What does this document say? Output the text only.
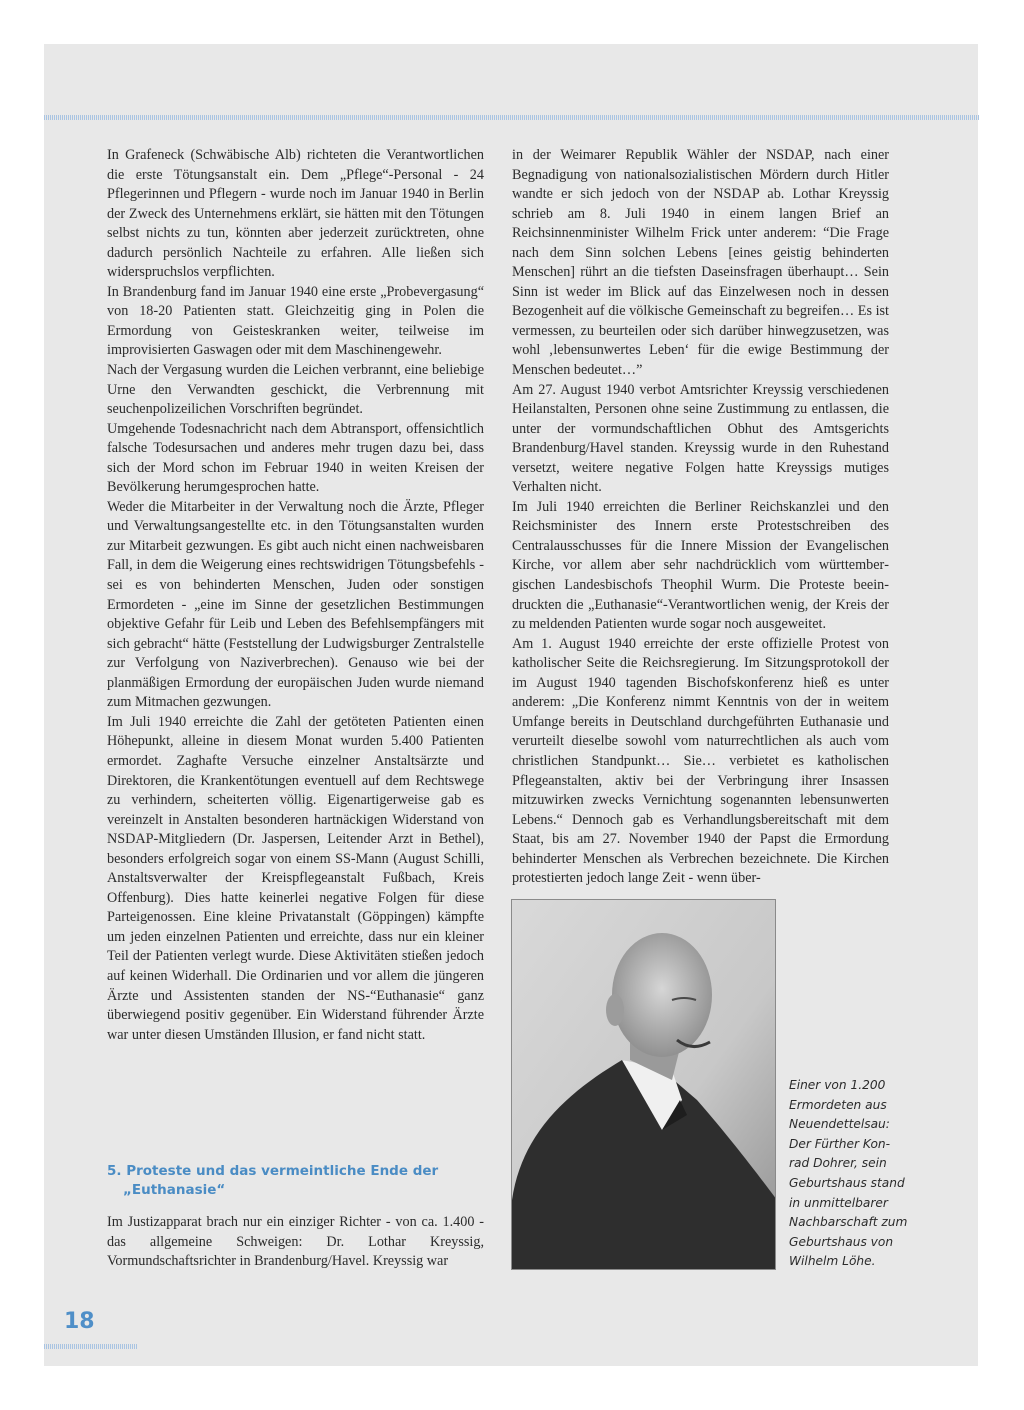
In Grafeneck (Schwäbische Alb) richteten die Verantwortlichen die erste Tötungsanstalt ein. Dem „Pflege“-Personal - 24 Pflegerinnen und Pflegern - wurde noch im Januar 1940 in Berlin der Zweck des Unternehmens erklärt, sie hätten mit den Tötungen selbst nichts zu tun, könnten aber jederzeit zurücktreten, ohne dadurch persönlich Nachteile zu erfahren. Alle ließen sich widerspruchslos verpflichten.

In Brandenburg fand im Januar 1940 eine erste „Probevergasung“ von 18-20 Patienten statt. Gleichzeitig ging in Polen die Ermordung von Geisteskranken weiter, teilweise im improvisierten Gaswagen oder mit dem Maschinengewehr.

Nach der Vergasung wurden die Leichen verbrannt, eine beliebige Urne den Verwandten geschickt, die Verbrennung mit seuchenpolizeilichen Vorschriften begründet.

Umgehende Todesnachricht nach dem Abtransport, offensichtlich falsche Todesursachen und anderes mehr trugen dazu bei, dass sich der Mord schon im Februar 1940 in weiten Kreisen der Bevölkerung herumgesprochen hatte.

Weder die Mitarbeiter in der Verwaltung noch die Ärzte, Pfleger und Verwaltungsangestellte etc. in den Tötungsanstalten wurden zur Mitarbeit gezwungen. Es gibt auch nicht einen nachweisbaren Fall, in dem die Weigerung eines rechtswidrigen Tötungsbefehls - sei es von behinderten Menschen, Juden oder sonstigen Ermordeten - „eine im Sinne der gesetzlichen Bestimmungen objektive Gefahr für Leib und Leben des Befehlsempfängers mit sich gebracht“ hätte (Feststellung der Ludwigsburger Zentralstelle zur Verfolgung von Naziverbrechen). Genauso wie bei der planmäßigen Ermordung der europäischen Juden wurde niemand zum Mitmachen gezwungen.

Im Juli 1940 erreichte die Zahl der getöteten Patienten einen Höhepunkt, alleine in diesem Monat wurden 5.400 Patienten ermordet. Zaghafte Versuche einzelner Anstaltsärzte und Direktoren, die Krankentötungen eventuell auf dem Rechtswege zu verhindern, scheiterten völlig. Eigenartigerweise gab es vereinzelt in Anstalten besonderen hartnäckigen Widerstand von NSDAP-Mitgliedern (Dr. Jaspersen, Leitender Arzt in Bethel), besonders erfolgreich sogar von einem SS-Mann (August Schilli, Anstaltsverwalter der Kreispflegeanstalt Fußbach, Kreis Offenburg). Dies hatte keinerlei negative Folgen für diese Parteigenossen. Eine kleine Privatanstalt (Göppingen) kämpfte um jeden einzelnen Patienten und erreichte, dass nur ein kleiner Teil der Patienten verlegt wurde. Diese Aktivitäten stießen jedoch auf keinen Widerhall. Die Ordinarien und vor allem die jüngeren Ärzte und Assistenten standen der NS-“Euthanasie“ ganz überwiegend positiv gegenüber. Ein Widerstand führender Ärzte war unter diesen Umständen Illusion, er fand nicht statt.

5. Proteste und das vermeintliche Ende der
„Euthanasie“

Im Justizapparat brach nur ein einziger Richter - von ca. 1.400 - das allgemeine Schweigen: Dr. Lothar Kreyssig, Vormundschaftsrichter in Brandenburg/Havel. Kreyssig war

in der Weimarer Republik Wähler der NSDAP, nach einer Begnadigung von nationalsozialistischen Mördern durch Hitler wandte er sich jedoch von der NSDAP ab. Lothar Kreyssig schrieb am 8. Juli 1940 in einem langen Brief an Reichsinnenminister Wilhelm Frick unter anderem: “Die Frage nach dem Sinn solchen Lebens [eines geistig behinderten Menschen] rührt an die tiefsten Daseinsfragen überhaupt… Sein Sinn ist weder im Blick auf das Einzelwesen noch in dessen Bezogenheit auf die völkische Gemeinschaft zu begreifen… Es ist vermessen, zu beurteilen oder sich darüber hinwegzusetzen, was wohl ‚lebensunwertes Leben‘ für die ewige Bestimmung der Menschen bedeutet…”

Am 27. August 1940 verbot Amtsrichter Kreyssig verschiedenen Heilanstalten, Personen ohne seine Zustimmung zu entlassen, die unter der vormundschaftlichen Obhut des Amtsgerichts Brandenburg/Havel standen. Kreyssig wurde in den Ruhestand versetzt, weitere negative Folgen hatte Kreyssigs mutiges Verhalten nicht.

Im Juli 1940 erreichten die Berliner Reichskanzlei und den Reichsminister des Innern erste Protestschreiben des Centralausschusses für die Innere Mission der Evangelischen Kirche, vor allem aber sehr nachdrücklich vom württembergischen Landesbischofs Theophil Wurm. Die Proteste beeindruckten die „Euthanasie“-Verantwortlichen wenig, der Kreis der zu meldenden Patienten wurde sogar noch ausgeweitet.

Am 1. August 1940 erreichte der erste offizielle Protest von katholischer Seite die Reichsregierung. Im Sitzungsprotokoll der im August 1940 tagenden Bischofskonferenz hieß es unter anderem: „Die Konferenz nimmt Kenntnis von der in weitem Umfange bereits in Deutschland durchgeführten Euthanasie und verurteilt dieselbe sowohl vom naturrechtlichen als auch vom christlichen Standpunkt… Sie… verbietet es katholischen Pflegeanstalten, aktiv bei der Verbringung ihrer Insassen mitzuwirken zwecks Vernichtung sogenannten lebensunwerten Lebens.“ Dennoch gab es Verhandlungsbereitschaft mit dem Staat, bis am 27. November 1940 der Papst die Ermordung behinderter Menschen als Verbrechen bezeichnete. Die Kirchen protestierten jedoch lange Zeit - wenn über-

Einer von 1.200
Ermordeten aus
Neuendettelsau:
Der Fürther Kon-
rad Dohrer, sein
Geburtshaus stand
in unmittelbarer
Nachbarschaft zum
Geburtshaus von
Wilhelm Löhe.
18
